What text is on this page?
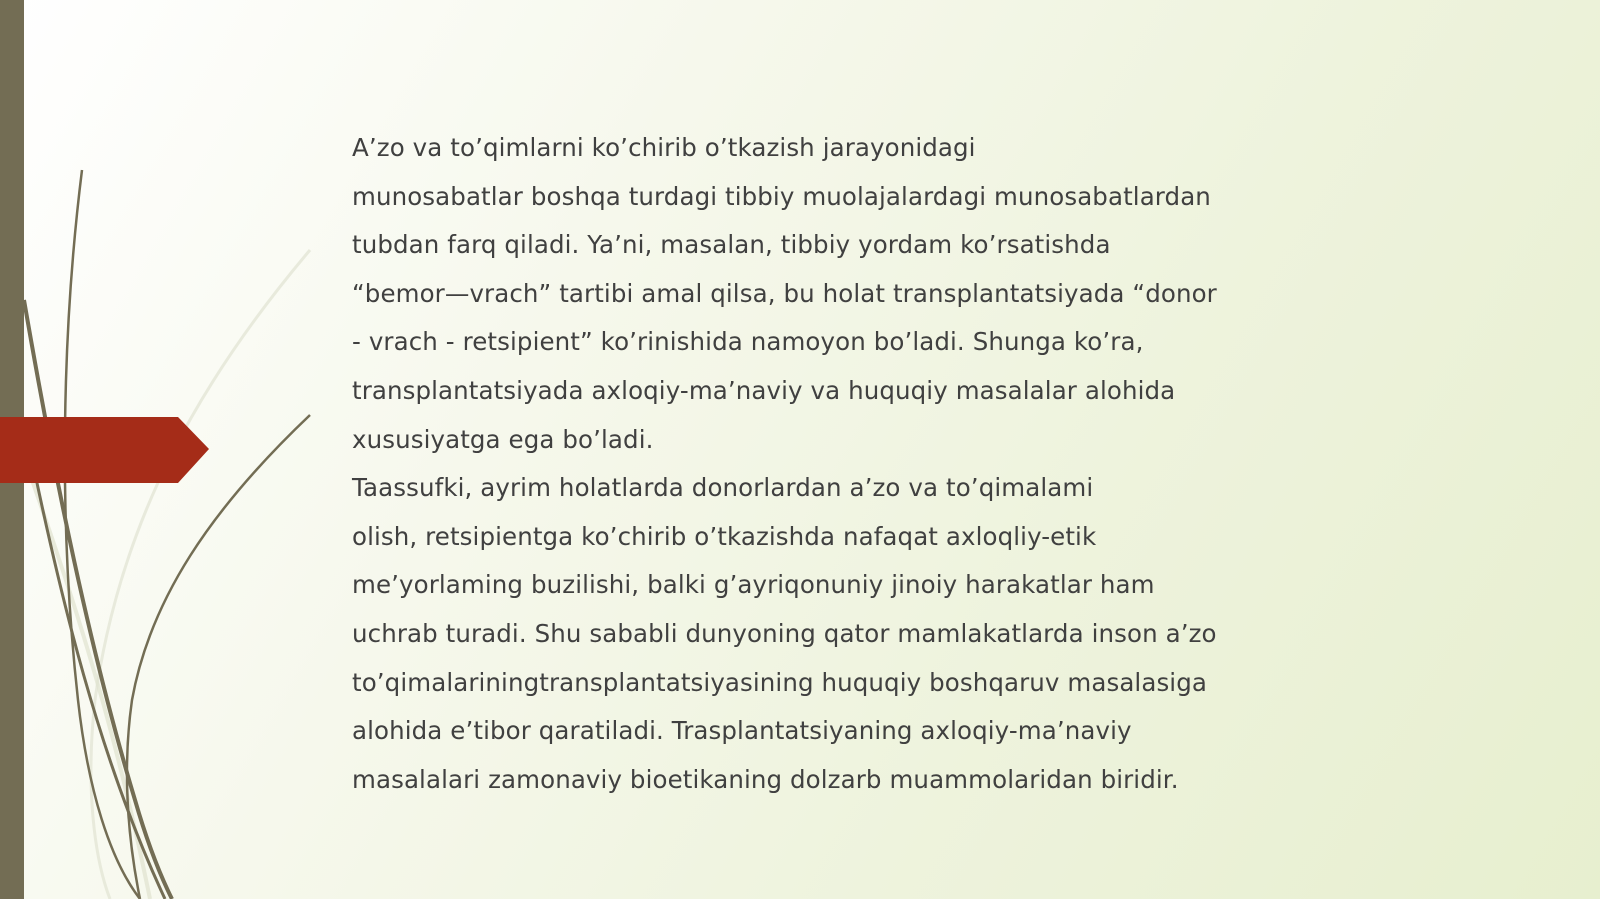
A’zo va to’qimlarni ko’chirib o’tkazish jarayonidagi
munosabatlar boshqa turdagi tibbiy muolajalardagi munosabatlardan
tubdan farq qiladi. Ya’ni, masalan, tibbiy yordam ko’rsatishda
“bemor—vrach” tartibi amal qilsa, bu holat transplantatsiyada “donor
- vrach - retsipient” ko’rinishida namoyon bo’ladi. Shunga ko’ra,
transplantatsiyada axloqiy-ma’naviy va huquqiy masalalar alohida
xususiyatga ega bo’ladi.
Taassufki, ayrim holatlarda donorlardan a’zo va to’qimalami
olish, retsipientga ko’chirib o’tkazishda nafaqat axloqliy-etik
me’yorlaming buzilishi, balki g’ayriqonuniy jinoiy harakatlar ham
uchrab turadi. Shu sababli dunyoning qator mamlakatlarda inson a’zo
to’qimalariningtransplantatsiyasining huquqiy boshqaruv masalasiga
alohida e’tibor qaratiladi. Trasplantatsiyaning axloqiy-ma’naviy
masalalari zamonaviy bioetikaning dolzarb muammolaridan biridir.
